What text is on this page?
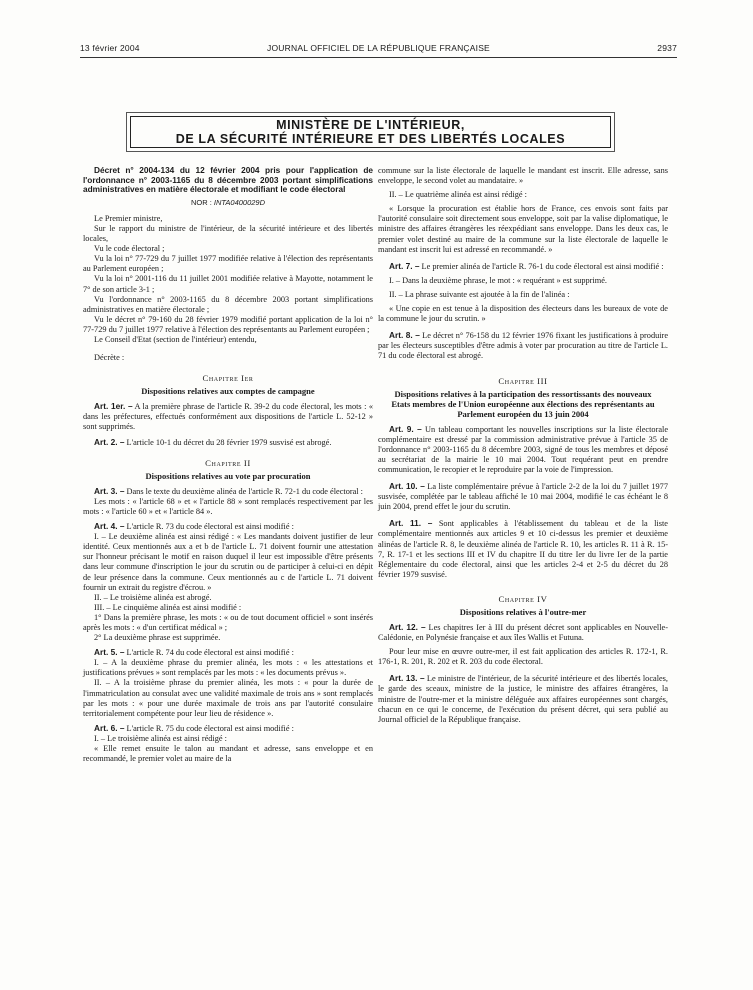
13 février 2004	JOURNAL OFFICIEL DE LA RÉPUBLIQUE FRANÇAISE	2937
MINISTÈRE DE L'INTÉRIEUR,
DE LA SÉCURITÉ INTÉRIEURE ET DES LIBERTÉS LOCALES

Décret n° 2004-134 du 12 février 2004 pris pour l'application de l'ordonnance n° 2003-1165 du 8 décembre 2003 portant simplifications administratives en matière électorale et modifiant le code électoral

NOR : INTA0400029D

Le Premier ministre,

Sur le rapport du ministre de l'intérieur, de la sécurité intérieure et des libertés locales,

Vu le code électoral ;

Vu la loi n° 77-729 du 7 juillet 1977 modifiée relative à l'élection des représentants au Parlement européen ;

Vu la loi n° 2001-116 du 11 juillet 2001 modifiée relative à Mayotte, notamment le 7° de son article 3-1 ;

Vu l'ordonnance n° 2003-1165 du 8 décembre 2003 portant simplifications administratives en matière électorale ;

Vu le décret n° 79-160 du 28 février 1979 modifié portant application de la loi n° 77-729 du 7 juillet 1977 relative à l'élection des représentants au Parlement européen ;

Le Conseil d'Etat (section de l'intérieur) entendu,

Décrète :

Chapitre Ier
Dispositions relatives aux comptes de campagne

Art. 1er. – A la première phrase de l'article R. 39-2 du code électoral, les mots : « dans les préfectures, effectués conformément aux dispositions de l'article L. 52-12 » sont supprimés.

Art. 2. – L'article 10-1 du décret du 28 février 1979 susvisé est abrogé.

Chapitre II
Dispositions relatives au vote par procuration

Art. 3. – Dans le texte du deuxième alinéa de l'article R. 72-1 du code électoral :

Les mots : « l'article 68 » et « l'article 88 » sont remplacés respectivement par les mots : « l'article 60 » et « l'article 84 ».

Art. 4. – L'article R. 73 du code électoral est ainsi modifié :

I. – Le deuxième alinéa est ainsi rédigé : « Les mandants doivent justifier de leur identité. Ceux mentionnés aux a et b de l'article L. 71 doivent fournir une attestation sur l'honneur précisant le motif en raison duquel il leur est impossible d'être présents dans leur commune d'inscription le jour du scrutin ou de participer à celui-ci en dépit de leur présence dans la commune. Ceux mentionnés au c de l'article L. 71 doivent fournir un extrait du registre d'écrou. »

II. – Le troisième alinéa est abrogé.

III. – Le cinquième alinéa est ainsi modifié :

1° Dans la première phrase, les mots : « ou de tout document officiel » sont insérés après les mots : « d'un certificat médical » ;

2° La deuxième phrase est supprimée.

Art. 5. – L'article R. 74 du code électoral est ainsi modifié :

I. – A la deuxième phrase du premier alinéa, les mots : « les attestations et justifications prévues » sont remplacés par les mots : « les documents prévus ».

II. – A la troisième phrase du premier alinéa, les mots : « pour la durée de l'immatriculation au consulat avec une validité maximale de trois ans » sont remplacés par les mots : « pour une durée maximale de trois ans par l'autorité consulaire territorialement compétente pour leur lieu de résidence ».

Art. 6. – L'article R. 75 du code électoral est ainsi modifié :

I. – Le troisième alinéa est ainsi rédigé :

« Elle remet ensuite le talon au mandant et adresse, sans enveloppe et en recommandé, le premier volet au maire de la

commune sur la liste électorale de laquelle le mandant est inscrit. Elle adresse, sans enveloppe, le second volet au mandataire. »

II. – Le quatrième alinéa est ainsi rédigé :

« Lorsque la procuration est établie hors de France, ces envois sont faits par l'autorité consulaire soit directement sous enveloppe, soit par la valise diplomatique, le ministre des affaires étrangères les réexpédiant sans enveloppe. Dans les deux cas, le premier volet destiné au maire de la commune sur la liste électorale de laquelle le mandant est inscrit lui est adressé en recommandé. »

Art. 7. – Le premier alinéa de l'article R. 76-1 du code électoral est ainsi modifié :

I. – Dans la deuxième phrase, le mot : « requérant » est supprimé.

II. – La phrase suivante est ajoutée à la fin de l'alinéa :

« Une copie en est tenue à la disposition des électeurs dans les bureaux de vote de la commune le jour du scrutin. »

Art. 8. – Le décret n° 76-158 du 12 février 1976 fixant les justifications à produire par les électeurs susceptibles d'être admis à voter par procuration au titre de l'article L. 71 du code électoral est abrogé.

Chapitre III
Dispositions relatives à la participation des ressortissants des nouveaux Etats membres de l'Union européenne aux élections des représentants au Parlement européen du 13 juin 2004

Art. 9. – Un tableau comportant les nouvelles inscriptions sur la liste électorale complémentaire est dressé par la commission administrative prévue à l'article 35 de l'ordonnance n° 2003-1165 du 8 décembre 2003, signé de tous les membres et déposé au secrétariat de la mairie le 10 mai 2004. Tout requérant peut en prendre communication, le recopier et le reproduire par la voie de l'impression.

Art. 10. – La liste complémentaire prévue à l'article 2-2 de la loi du 7 juillet 1977 susvisée, complétée par le tableau affiché le 10 mai 2004, modifié le cas échéant le 8 juin 2004, prend effet le jour du scrutin.

Art. 11. – Sont applicables à l'établissement du tableau et de la liste complémentaire mentionnés aux articles 9 et 10 ci-dessus les premier et deuxième alinéas de l'article R. 8, le deuxième alinéa de l'article R. 10, les articles R. 11 à R. 15-7, R. 17-1 et les sections III et IV du chapitre II du titre Ier du livre Ier de la partie Réglementaire du code électoral, ainsi que les articles 2-4 et 2-5 du décret du 28 février 1979 susvisé.

Chapitre IV
Dispositions relatives à l'outre-mer

Art. 12. – Les chapitres Ier à III du présent décret sont applicables en Nouvelle-Calédonie, en Polynésie française et aux îles Wallis et Futuna.

Pour leur mise en œuvre outre-mer, il est fait application des articles R. 172-1, R. 176-1, R. 201, R. 202 et R. 203 du code électoral.

Art. 13. – Le ministre de l'intérieur, de la sécurité intérieure et des libertés locales, le garde des sceaux, ministre de la justice, le ministre des affaires étrangères, la ministre de l'outre-mer et la ministre déléguée aux affaires européennes sont chargés, chacun en ce qui le concerne, de l'exécution du présent décret, qui sera publié au Journal officiel de la République française.
